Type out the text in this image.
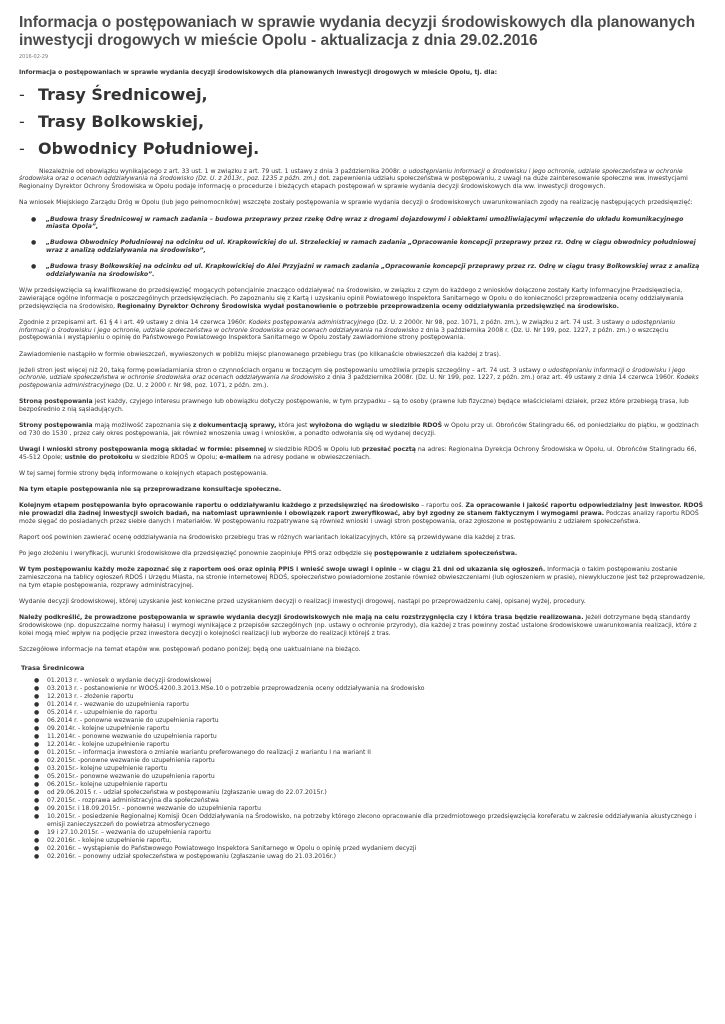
Informacja o postępowaniach w sprawie wydania decyzji środowiskowych dla planowanych inwestycji drogowych w mieście Opolu - aktualizacja z dnia 29.02.2016
2016-02-29

Informacja o postępowaniach w sprawie wydania decyzji środowiskowych dla planowanych inwestycji drogowych w mieście Opolu, tj. dla:

- Trasy Średnicowej,
- Trasy Bolkowskiej,
- Obwodnicy Południowej.

Niezależnie od obowiązku wynikającego z art. 33 ust. 1 w związku z art. 79 ust. 1 ustawy z dnia 3 października 2008r. o udostępnianiu informacji o środowisku i jego ochronie, udziale społeczeństwa w ochronie środowiska oraz o ocenach oddziaływania na środowisko (Dz. U. z 2013r., poz. 1235 z późn. zm.) dot. zapewnienia udziału społeczeństwa w postępowaniu, z uwagi na duże zainteresowanie społeczne ww. inwestycjami Regionalny Dyrektor Ochrony Środowiska w Opolu podaje informację o procedurze i bieżących etapach postępowań w sprawie wydania decyzji środowiskowych dla ww. inwestycji drogowych.

Na wniosek Miejskiego Zarządu Dróg w Opolu (lub jego pełnomocników) wszczęte zostały postępowania w sprawie wydania decyzji o środowiskowych uwarunkowaniach zgody na realizację następujących przedsięwzięć:

● „Budowa trasy Średnicowej w ramach zadania – budowa przeprawy przez rzekę Odrę wraz z drogami dojazdowymi i obiektami umożliwiającymi włączenie do układu komunikacyjnego miasta Opola”,
● „Budowa Obwodnicy Południowej na odcinku od ul. Krapkowickiej do ul. Strzeleckiej w ramach zadania „Opracowanie koncepcji przeprawy przez rz. Odrę w ciągu obwodnicy południowej wraz z analizą oddziaływania na środowisko”,
● „Budowa trasy Bolkowskiej na odcinku od ul. Krapkowickiej do Alei Przyjaźni w ramach zadania „Opracowanie koncepcji przeprawy przez rz. Odrę w ciągu trasy Bolkowskiej wraz z analizą oddziaływania na środowisko”.

W/w przedsięwzięcia są kwalifikowane do przedsięwzięć mogących potencjalnie znacząco oddziaływać na środowisko, w związku z czym do każdego z wniosków dołączone zostały Karty Informacyjne Przedsięwzięcia, zawierające ogólne informacje o poszczególnych przedsięwzięciach. Po zapoznaniu się z Kartą i uzyskaniu opinii Powiatowego Inspektora Sanitarnego w Opolu o do konieczności przeprowadzenia oceny oddziaływania przedsięwzięcia na środowisko, Regionalny Dyrektor Ochrony Środowiska wydał postanowienie o potrzebie przeprowadzenia oceny oddziaływania przedsięwzięć na środowisko.

Zgodnie z przepisami art. 61 § 4 i art. 49 ustawy z dnia 14 czerwca 1960r. Kodeks postępowania administracyjnego (Dz. U. z 2000r. Nr 98, poz. 1071, z późn. zm.), w związku z art. 74 ust. 3 ustawy o udostępnianiu informacji o środowisku i jego ochronie, udziale społeczeństwa w ochronie środowiska oraz ocenach oddziaływania na środowisko z dnia 3 października 2008 r. (Dz. U. Nr 199, poz. 1227, z późn. zm.) o wszczęciu postępowania i wystąpieniu o opinię do Państwowego Powiatowego Inspektora Sanitarnego w Opolu zostały zawiadomione strony postępowania.

Zawiadomienie nastąpiło w formie obwieszczeń, wywieszonych w pobliżu miejsc planowanego przebiegu tras (po kilkanaście obwieszczeń dla każdej z tras).

Jeżeli stron jest więcej niż 20, taką formę powiadamiania stron o czynnościach organu w toczącym się postępowaniu umożliwia przepis szczególny – art. 74 ust. 3 ustawy o udostępnianiu informacji o środowisku i jego ochronie, udziale społeczeństwa w ochronie środowiska oraz ocenach oddziaływania na środowisko z dnia 3 października 2008r. (Dz. U. Nr 199, poz. 1227, z późn. zm.) oraz art. 49 ustawy z dnia 14 czerwca 1960r. Kodeks postępowania administracyjnego (Dz. U. z 2000 r. Nr 98, poz. 1071, z późn. zm.).

Stroną postępowania jest każdy, czyjego interesu prawnego lub obowiązku dotyczy postępowanie, w tym przypadku – są to osoby (prawne lub fizyczne) będące właścicielami działek, przez które przebiegą trasa, lub bezpośrednio z nią sąsiadujących.

Strony postępowania mają możliwość zapoznania się z dokumentacją sprawy, która jest wyłożona do wglądu w siedzibie RDOŚ w Opolu przy ul. Obrońców Stalingradu 66, od poniedziałku do piątku, w godzinach od 730 do 1530 , przez cały okres postępowania, jak również wnoszenia uwag i wniosków, a ponadto odwołania się od wydanej decyzji.

Uwagi i wnioski strony postępowania mogą składać w formie: pisemnej w siedzibie RDOŚ w Opolu lub przesłać pocztą na adres: Regionalna Dyrekcja Ochrony Środowiska w Opolu, ul. Obrońców Stalingradu 66, 45-512 Opole; ustnie do protokołu w siedzibie RDOŚ w Opolu; e-mailem na adresy podane w obwieszczeniach.

W tej samej formie strony będą informowane o kolejnych etapach postępowania.

Na tym etapie postępowania nie są przeprowadzane konsultacje społeczne.

Kolejnym etapem postępowania było opracowanie raportu o oddziaływaniu każdego z przedsięwzięć na środowisko – raportu ooś. Za opracowanie i jakość raportu odpowiedzialny jest inwestor. RDOŚ nie prowadzi dla żadnej inwestycji swoich badań, na natomiast uprawnienie i obowiązek raport zweryfikować, aby był zgodny ze stanem faktycznym i wymogami prawa. Podczas analizy raportu RDOŚ może sięgać do posiadanych przez siebie danych i materiałów. W postępowaniu rozpatrywane są również wnioski i uwagi stron postępowania, oraz zgłoszone w postępowaniu z udziałem społeczeństwa.

Raport ooś powinien zawierać ocenę oddziaływania na środowisko przebiegu tras w różnych wariantach lokalizacyjnych, które są przewidywane dla każdej z tras.

Po jego złożeniu i weryfikacji, wurunki środowiskowe dla przedsięwzięć ponownie zaopiniuje PPIS oraz odbędzie się postępowanie z udziałem społeczeństwa.

W tym postępowaniu każdy może zapoznać się z raportem ooś oraz opinią PPIS i wnieść swoje uwagi i opinie – w ciągu 21 dni od ukazania się ogłoszeń. Informacja o takim postępowaniu zostanie zamieszczona na tablicy ogłoszeń RDOŚ i Urzędu Miasta, na stronie internetowej RDOŚ, społeczeństwo powiadomione zostanie również obwieszczeniami (lub ogłoszeniem w prasie), niewykluczone jest też przeprowadzenie, na tym etapie postępowania, rozprawy administracyjnej.

Wydanie decyzji środowiskowej, której uzyskanie jest konieczne przed uzyskaniem decyzji o realizacji inwestycji drogowej, nastąpi po przeprowadzeniu całej, opisanej wyżej, procedury.

Należy podkreślić, że prowadzone postępowania w sprawie wydania decyzji środowiskowych nie mają na celu rozstrzygnięcia czy i która trasa będzie realizowana. Jeżeli dotrzymane będą standardy środowiskowe (np. dopuszczalne normy hałasu) i wymogi wynikające z przepisów szczególnych (np. ustawy o ochronie przyrody), dla każdej z tras powinny zostać ustalone środowiskowe uwarunkowania realizacji, które z kolei mogą mieć wpływ na podjęcie przez inwestora decyzji o kolejności realizacji lub wyborze do realizacji którejś z tras.

Szczegółowe informacje na temat etapów ww. postępowań podano poniżej; będą one uaktualniane na bieżąco.

Trasa Średnicowa
● 01.2013 r. - wniosek o wydanie decyzji środowiskowej
● 03.2013 r. - postanowienie nr WOOŚ.4200.3.2013.MSe.10 o potrzebie przeprowadzenia oceny oddziaływania na środowisko
● 12.2013 r. - złożenie raportu
● 01.2014 r. - wezwanie do uzupełnienia raportu
● 05.2014 r. - uzupełnienie do raportu
● 06.2014 r. - ponowne wezwanie do uzupełnienia raportu
● 09.2014r. - kolejne uzupełnienie raportu
● 11.2014r. - ponowne wezwanie do uzupełnienia raportu
● 12.2014r. - kolejne uzupełnienie raportu
● 01.2015r. – informacja inwestora o zmianie wariantu preferowanego do realizacji z wariantu I na wariant II
● 02.2015r. -ponowne wezwanie do uzupełnienia raportu
● 03.2015r.- kolejne uzupełnienie raportu
● 05.2015r.- ponowne wezwanie do uzupełnienia raportu
● 06.2015r.- kolejne uzupełnienie raportu
● od 29.06.2015 r. - udział społeczeństwa w postępowaniu (zgłaszanie uwag do 22.07.2015r.)
● 07.2015r. - rozprawa administracyjna dla społeczeństwa
● 09.2015r. i 18.09.2015r. - ponowne wezwanie do uzupełnienia raportu
● 10.2015r. - posiedzenie Regionalnej Komisji Ocen Oddziaływania na Środowisko, na potrzeby którego zlecono opracowanie dla przedmiotowego przedsięwzięcia koreferatu w zakresie oddziaływania akustycznego i emisji zanieczyszczeń do powietrza atmosferycznego
● 19 i 27.10.2015r. – wezwania do uzupełnienia raportu
● 02.2016r. - kolejne uzupełnienie raportu,
● 02.2016r. – wystąpienie do Państwowego Powiatowego Inspektora Sanitarnego w Opolu o opinię przed wydaniem decyzji
● 02.2016r. – ponowny udział społeczeństwa w postępowaniu (zgłaszanie uwag do 21.03.2016r.)
